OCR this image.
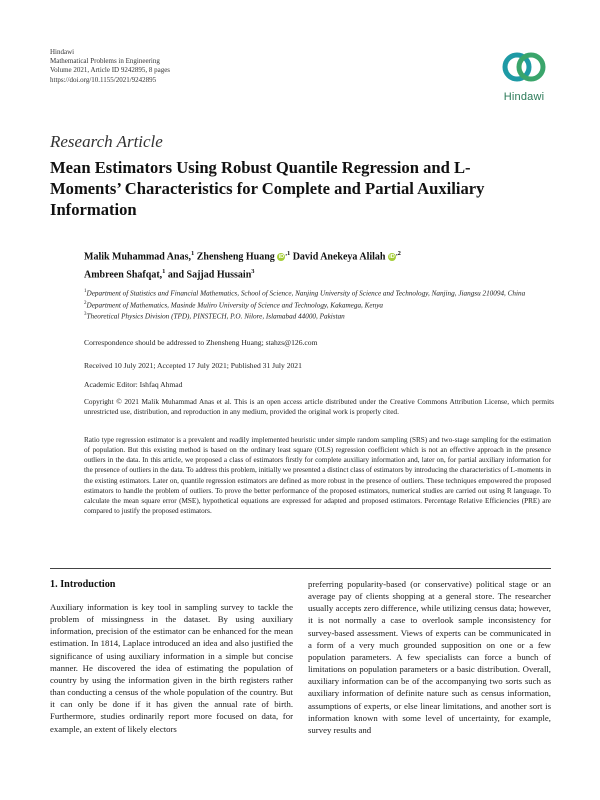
Hindawi
Mathematical Problems in Engineering
Volume 2021, Article ID 9242895, 8 pages
https://doi.org/10.1155/2021/9242895
Hindawi
Research Article
Mean Estimators Using Robust Quantile Regression and L-Moments’ Characteristics for Complete and Partial Auxiliary Information
Malik Muhammad Anas,$^1$ Zhensheng Huang $iD^{,1}$ David Anekeya Alilah $iD^{,2}$
Ambreen Shafqat,$^1$ and Sajjad Hussain$^3$
$^1$Department of Statistics and Financial Mathematics, School of Science, Nanjing University of Science and Technology, Nanjing, Jiangsu 210094, China
$^2$Department of Mathematics, Masinde Muliro University of Science and Technology, Kakamega, Kenya
$^3$Theoretical Physics Division (TPD), PINSTECH, P.O. Nilore, Islamabad 44000, Pakistan
Correspondence should be addressed to Zhensheng Huang; stahzs@126.com
Received 10 July 2021; Accepted 17 July 2021; Published 31 July 2021
Academic Editor: Ishfaq Ahmad
Copyright © 2021 Malik Muhammad Anas et al. This is an open access article distributed under the Creative Commons Attribution License, which permits unrestricted use, distribution, and reproduction in any medium, provided the original work is properly cited.
Ratio type regression estimator is a prevalent and readily implemented heuristic under simple random sampling (SRS) and two-stage sampling for the estimation of population. But this existing method is based on the ordinary least square (OLS) regression coefficient which is not an effective approach in the presence outliers in the data. In this article, we proposed a class of estimators firstly for complete auxiliary information and, later on, for partial auxiliary information for the presence of outliers in the data. To address this problem, initially we presented a distinct class of estimators by introducing the characteristics of L-moments in the existing estimators. Later on, quantile regression estimators are defined as more robust in the presence of outliers. These techniques empowered the proposed estimators to handle the problem of outliers. To prove the better performance of the proposed estimators, numerical studies are carried out using R language. To calculate the mean square error (MSE), hypothetical equations are expressed for adapted and proposed estimators. Percentage Relative Efficiencies (PRE) are compared to justify the proposed estimators.
1. Introduction
Auxiliary information is key tool in sampling survey to tackle the problem of missingness in the dataset. By using auxiliary information, precision of the estimator can be enhanced for the mean estimation. In 1814, Laplace introduced an idea and also justified the significance of using auxiliary information in a simple but concise manner. He discovered the idea of estimating the population of country by using the information given in the birth registers rather than conducting a census of the whole population of the country. But it can only be done if it has given the annual rate of birth. Furthermore, studies ordinarily report more focused on data, for example, an extent of likely electors
preferring popularity-based (or conservative) political stage or an average pay of clients shopping at a general store. The researcher usually accepts zero difference, while utilizing census data; however, it is not normally a case to overlook sample inconsistency for survey-based assessment. Views of experts can be communicated in a form of a very much grounded supposition on one or a few population parameters. A few specialists can force a bunch of limitations on population parameters or a basic distribution. Overall, auxiliary information can be of the accompanying two sorts such as auxiliary information of definite nature such as census information, assumptions of experts, or else linear limitations, and another sort is information known with some level of uncertainty, for example, survey results and
